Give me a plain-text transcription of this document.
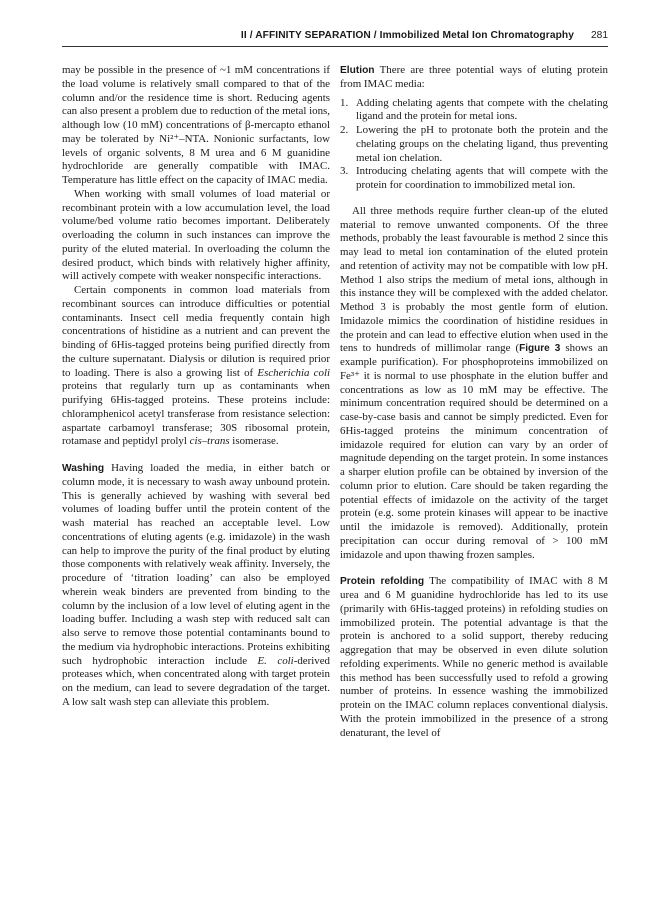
II / AFFINITY SEPARATION / Immobilized Metal Ion Chromatography 281

may be possible in the presence of ~1 mM concentrations if the load volume is relatively small compared to that of the column and/or the residence time is short. Reducing agents can also present a problem due to reduction of the metal ions, although low (10 mM) concentrations of β-mercapto ethanol may be tolerated by Ni²⁺–NTA. Nonionic surfactants, low levels of organic solvents, 8 M urea and 6 M guanidine hydrochloride are generally compatible with IMAC. Temperature has little effect on the capacity of IMAC media.

When working with small volumes of load material or recombinant protein with a low accumulation level, the load volume/bed volume ratio becomes important. Deliberately overloading the column in such instances can improve the purity of the eluted material. In overloading the column the desired product, which binds with relatively higher affinity, will actively compete with weaker nonspecific interactions.

Certain components in common load materials from recombinant sources can introduce difficulties or potential contaminants. Insect cell media frequently contain high concentrations of histidine as a nutrient and can prevent the binding of 6His-tagged proteins being purified directly from the culture supernatant. Dialysis or dilution is required prior to loading. There is also a growing list of Escherichia coli proteins that regularly turn up as contaminants when purifying 6His-tagged proteins. These proteins include: chloramphenicol acetyl transferase from resistance selection: aspartate carbamoyl transferase; 30S ribosomal protein, rotamase and peptidyl prolyl cis–trans isomerase.

Washing Having loaded the media, in either batch or column mode, it is necessary to wash away unbound protein. This is generally achieved by washing with several bed volumes of loading buffer until the protein content of the wash material has reached an acceptable level. Low concentrations of eluting agents (e.g. imidazole) in the wash can help to improve the purity of the final product by eluting those components with relatively weak affinity. Inversely, the procedure of ‘titration loading’ can also be employed wherein weak binders are prevented from binding to the column by the inclusion of a low level of eluting agent in the loading buffer. Including a wash step with reduced salt can also serve to remove those potential contaminants bound to the medium via hydrophobic interactions. Proteins exhibiting such hydrophobic interaction include E. coli-derived proteases which, when concentrated along with target protein on the medium, can lead to severe degradation of the target. A low salt wash step can alleviate this problem.

Elution There are three potential ways of eluting protein from IMAC media:

1. Adding chelating agents that compete with the chelating ligand and the protein for metal ions.
2. Lowering the pH to protonate both the protein and the chelating groups on the chelating ligand, thus preventing metal ion chelation.
3. Introducing chelating agents that will compete with the protein for coordination to immobilized metal ion.

All three methods require further clean-up of the eluted material to remove unwanted components. Of the three methods, probably the least favourable is method 2 since this may lead to metal ion contamination of the eluted protein and retention of activity may not be compatible with low pH. Method 1 also strips the medium of metal ions, although in this instance they will be complexed with the added chelator. Method 3 is probably the most gentle form of elution. Imidazole mimics the coordination of histidine residues in the protein and can lead to effective elution when used in the tens to hundreds of millimolar range (Figure 3 shows an example purification). For phosphoproteins immobilized on Fe³⁺ it is normal to use phosphate in the elution buffer and concentrations as low as 10 mM may be effective. The minimum concentration required should be determined on a case-by-case basis and cannot be simply predicted. Even for 6His-tagged proteins the minimum concentration of imidazole required for elution can vary by an order of magnitude depending on the target protein. In some instances a sharper elution profile can be obtained by inversion of the column prior to elution. Care should be taken regarding the potential effects of imidazole on the activity of the target protein (e.g. some protein kinases will appear to be inactive until the imidazole is removed). Additionally, protein precipitation can occur during removal of > 100 mM imidazole and upon thawing frozen samples.

Protein refolding The compatibility of IMAC with 8 M urea and 6 M guanidine hydrochloride has led to its use (primarily with 6His-tagged proteins) in refolding studies on immobilized protein. The potential advantage is that the protein is anchored to a solid support, thereby reducing aggregation that may be observed in even dilute solution refolding experiments. While no generic method is available this method has been successfully used to refold a growing number of proteins. In essence washing the immobilized protein on the IMAC column replaces conventional dialysis. With the protein immobilized in the presence of a strong denaturant, the level of
